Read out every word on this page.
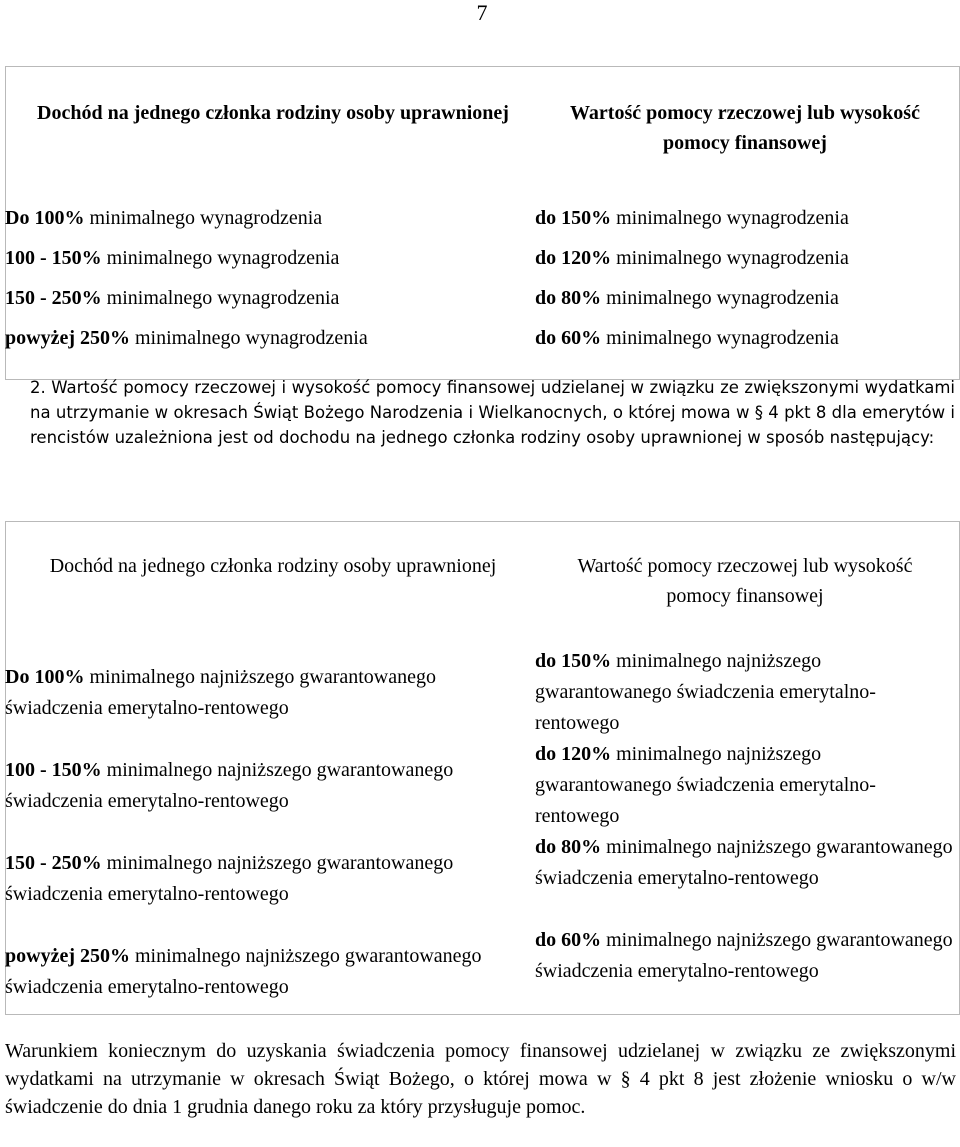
7
Dochód na jednego członka rodziny osoby uprawnionej	Wartość pomocy rzeczowej lub wysokość pomocy finansowej

Do 100% minimalnego wynagrodzenia	do 150% minimalnego wynagrodzenia
100 - 150% minimalnego wynagrodzenia	do 120% minimalnego wynagrodzenia
150 - 250% minimalnego wynagrodzenia	do 80% minimalnego wynagrodzenia
powyżej 250% minimalnego wynagrodzenia	do 60% minimalnego wynagrodzenia
2. Wartość pomocy rzeczowej i wysokość pomocy finansowej udzielanej w związku ze zwiększonymi wydatkami na utrzymanie w okresach Świąt Bożego Narodzenia i Wielkanocnych, o której mowa w § 4 pkt 8 dla emerytów i rencistów uzależniona jest od dochodu na jednego członka rodziny osoby uprawnionej w sposób następujący:
Dochód na jednego członka rodziny osoby uprawnionej	Wartość pomocy rzeczowej lub wysokość pomocy finansowej

Do 100% minimalnego najniższego gwarantowanego świadczenia emerytalno-rentowego	do 150% minimalnego najniższego gwarantowanego świadczenia emerytalno-rentowego

100 - 150% minimalnego najniższego gwarantowanego świadczenia emerytalno-rentowego	do 120% minimalnego najniższego gwarantowanego świadczenia emerytalno-rentowego

150 - 250% minimalnego najniższego gwarantowanego świadczenia emerytalno-rentowego	do 80% minimalnego najniższego gwarantowanego świadczenia emerytalno-rentowego

powyżej 250% minimalnego najniższego gwarantowanego świadczenia emerytalno-rentowego	do 60% minimalnego najniższego gwarantowanego świadczenia emerytalno-rentowego
Warunkiem koniecznym do uzyskania świadczenia pomocy finansowej udzielanej w związku ze zwiększonymi wydatkami na utrzymanie w okresach Świąt Bożego, o której mowa w § 4 pkt 8 jest złożenie wniosku o w/w świadczenie do dnia 1 grudnia danego roku za który przysługuje pomoc.
